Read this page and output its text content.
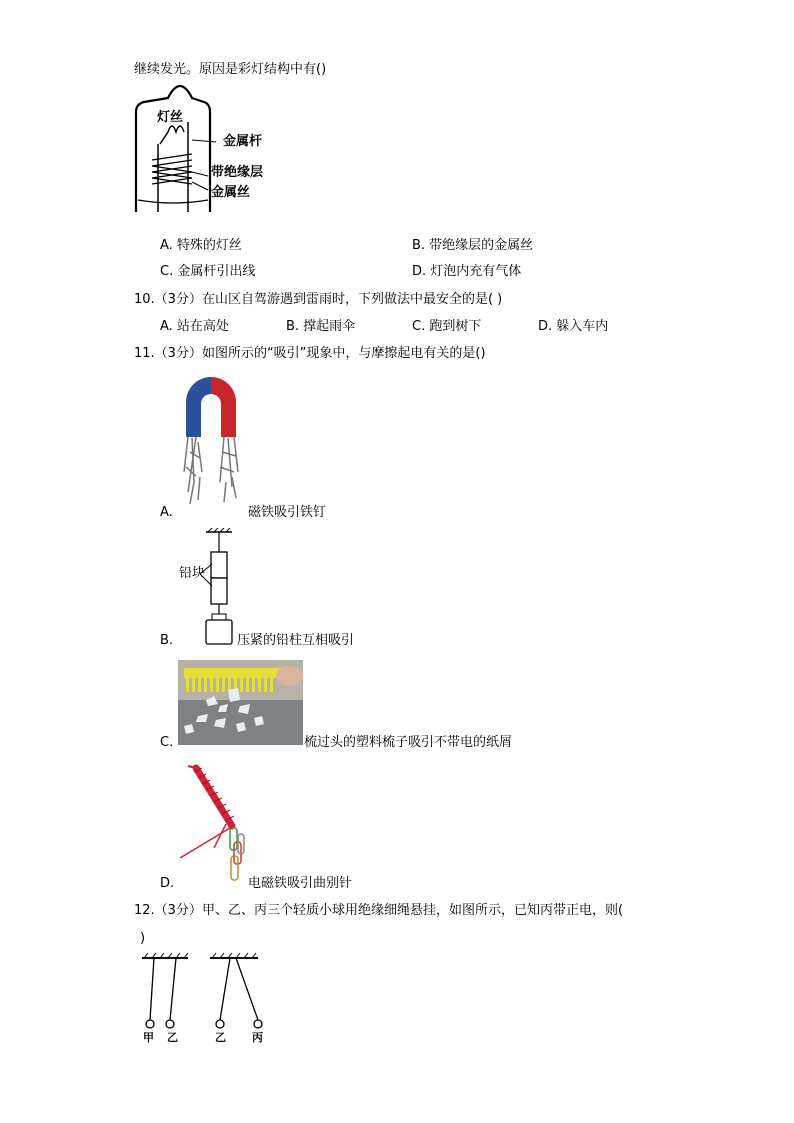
继续发光。原因是彩灯结构中有()
灯丝
金属杆
带绝缘层
金属丝
A. 特殊的灯丝	B. 带绝缘层的金属丝
C. 金属杆引出线	D. 灯泡内充有气体
10.（3分）在山区自驾游遇到雷雨时，下列做法中最安全的是( )
A. 站在高处	B. 撑起雨伞	C. 跑到树下	D. 躲入车内
11.（3分）如图所示的“吸引”现象中，与摩擦起电有关的是()
A.	磁铁吸引铁钉
铅块
B.	压紧的铅柱互相吸引
C.	梳过头的塑料梳子吸引不带电的纸屑
D.	电磁铁吸引曲别针
12.（3分）甲、乙、丙三个轻质小球用绝缘细绳悬挂，如图所示，已知丙带正电，则(
)
甲 乙	乙 丙
